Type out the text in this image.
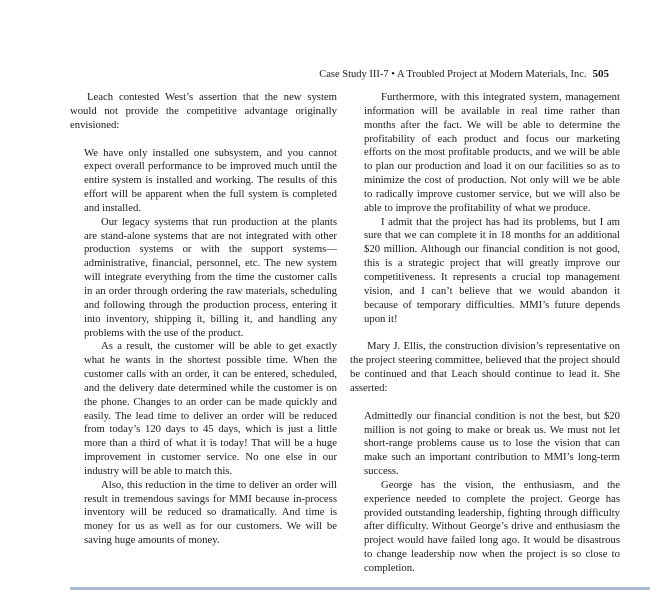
Case Study III-7 • A Troubled Project at Modern Materials, Inc. 505

Leach contested West’s assertion that the new system would not provide the competitive advantage originally envisioned:

We have only installed one subsystem, and you cannot expect overall performance to be improved much until the entire system is installed and working. The results of this effort will be apparent when the full system is completed and installed.

Our legacy systems that run production at the plants are stand-alone systems that are not integrated with other production systems or with the support systems—administrative, financial, personnel, etc. The new system will integrate everything from the time the customer calls in an order through ordering the raw materials, scheduling and following through the production process, entering it into inventory, shipping it, billing it, and handling any problems with the use of the product.

As a result, the customer will be able to get exactly what he wants in the shortest possible time. When the customer calls with an order, it can be entered, scheduled, and the delivery date determined while the customer is on the phone. Changes to an order can be made quickly and easily. The lead time to deliver an order will be reduced from today’s 120 days to 45 days, which is just a little more than a third of what it is today! That will be a huge improvement in customer service. No one else in our industry will be able to match this.

Also, this reduction in the time to deliver an order will result in tremendous savings for MMI because in-process inventory will be reduced so dramatically. And time is money for us as well as for our customers. We will be saving huge amounts of money.

Furthermore, with this integrated system, management information will be available in real time rather than months after the fact. We will be able to determine the profitability of each product and focus our marketing efforts on the most profitable products, and we will be able to plan our production and load it on our facilities so as to minimize the cost of production. Not only will we be able to radically improve customer service, but we will also be able to improve the profitability of what we produce.

I admit that the project has had its problems, but I am sure that we can complete it in 18 months for an additional $20 million. Although our financial condition is not good, this is a strategic project that will greatly improve our competitiveness. It represents a crucial top management vision, and I can’t believe that we would abandon it because of temporary difficulties. MMI’s future depends upon it!

Mary J. Ellis, the construction division’s representative on the project steering committee, believed that the project should be continued and that Leach should continue to lead it. She asserted:

Admittedly our financial condition is not the best, but $20 million is not going to make or break us. We must not let short-range problems cause us to lose the vision that can make such an important contribution to MMI’s long-term success.

George has the vision, the enthusiasm, and the experience needed to complete the project. George has provided outstanding leadership, fighting through difficulty after difficulty. Without George’s drive and enthusiasm the project would have failed long ago. It would be disastrous to change leadership now when the project is so close to completion.
